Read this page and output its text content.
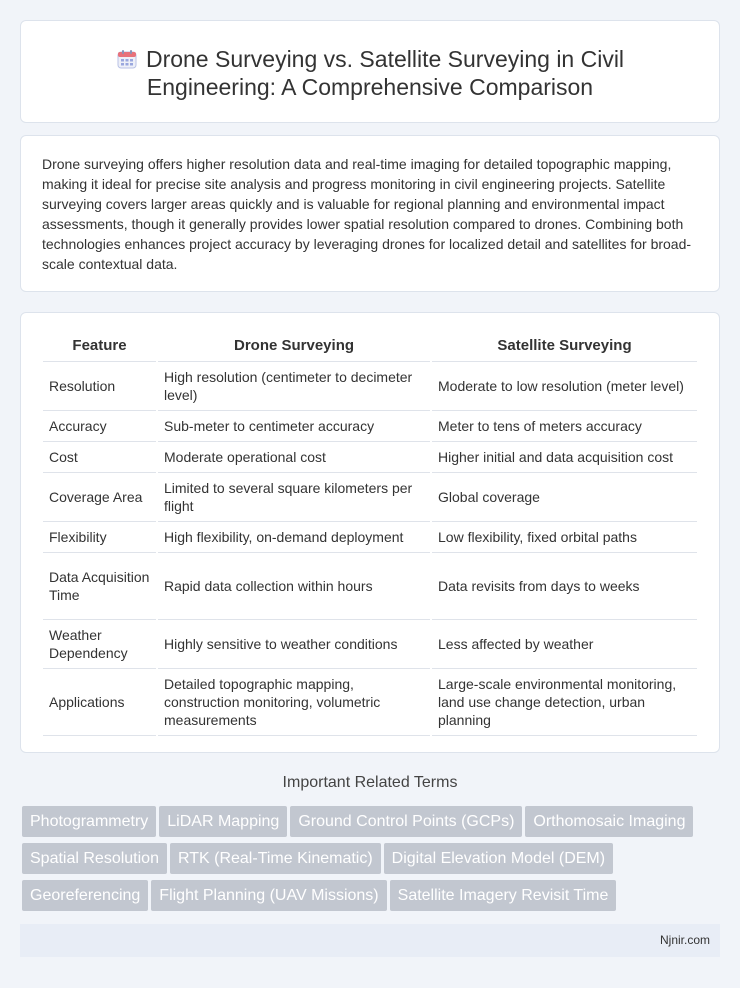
Drone Surveying vs. Satellite Surveying in Civil Engineering: A Comprehensive Comparison

Drone surveying offers higher resolution data and real-time imaging for detailed topographic mapping, making it ideal for precise site analysis and progress monitoring in civil engineering projects. Satellite surveying covers larger areas quickly and is valuable for regional planning and environmental impact assessments, though it generally provides lower spatial resolution compared to drones. Combining both technologies enhances project accuracy by leveraging drones for localized detail and satellites for broad-scale contextual data.

Feature	Drone Surveying	Satellite Surveying
Resolution	High resolution (centimeter to decimeter level)	Moderate to low resolution (meter level)
Accuracy	Sub-meter to centimeter accuracy	Meter to tens of meters accuracy
Cost	Moderate operational cost	Higher initial and data acquisition cost
Coverage Area	Limited to several square kilometers per flight	Global coverage
Flexibility	High flexibility, on-demand deployment	Low flexibility, fixed orbital paths
Data Acquisition Time	Rapid data collection within hours	Data revisits from days to weeks
Weather Dependency	Highly sensitive to weather conditions	Less affected by weather
Applications	Detailed topographic mapping, construction monitoring, volumetric measurements	Large-scale environmental monitoring, land use change detection, urban planning
Important Related Terms
Photogrammetry LiDAR Mapping Ground Control Points (GCPs) Orthomosaic Imaging
Spatial Resolution RTK (Real-Time Kinematic) Digital Elevation Model (DEM)
Georeferencing Flight Planning (UAV Missions) Satellite Imagery Revisit Time
Njnir.com
